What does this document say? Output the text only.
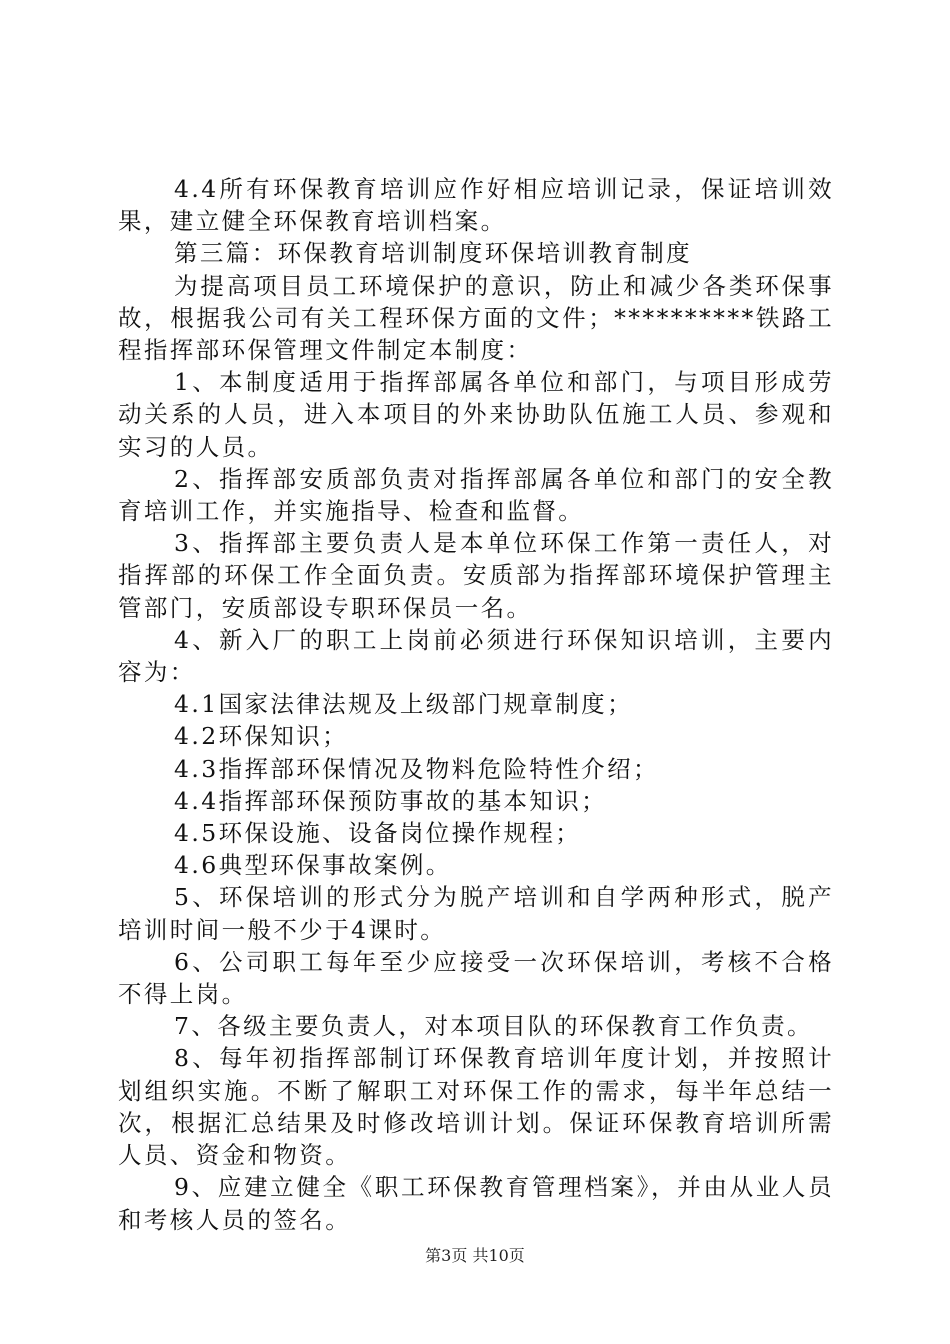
4.4所有环保教育培训应作好相应培训记录，保证培训效果，建立健全环保教育培训档案。

第三篇：环保教育培训制度环保培训教育制度

为提高项目员工环境保护的意识，防止和减少各类环保事故，根据我公司有关工程环保方面的文件；**********铁路工程指挥部环保管理文件制定本制度：

1、本制度适用于指挥部属各单位和部门，与项目形成劳动关系的人员，进入本项目的外来协助队伍施工人员、参观和实习的人员。

2、指挥部安质部负责对指挥部属各单位和部门的安全教育培训工作，并实施指导、检查和监督。

3、指挥部主要负责人是本单位环保工作第一责任人，对指挥部的环保工作全面负责。安质部为指挥部环境保护管理主管部门，安质部设专职环保员一名。

4、新入厂的职工上岗前必须进行环保知识培训，主要内容为：

4.1国家法律法规及上级部门规章制度；

4.2环保知识；

4.3指挥部环保情况及物料危险特性介绍；

4.4指挥部环保预防事故的基本知识；

4.5环保设施、设备岗位操作规程；

4.6典型环保事故案例。

5、环保培训的形式分为脱产培训和自学两种形式，脱产培训时间一般不少于4课时。

6、公司职工每年至少应接受一次环保培训，考核不合格不得上岗。

7、各级主要负责人，对本项目队的环保教育工作负责。

8、每年初指挥部制订环保教育培训年度计划，并按照计划组织实施。不断了解职工对环保工作的需求，每半年总结一次，根据汇总结果及时修改培训计划。保证环保教育培训所需人员、资金和物资。

9、应建立健全《职工环保教育管理档案》，并由从业人员和考核人员的签名。

第3页 共10页
